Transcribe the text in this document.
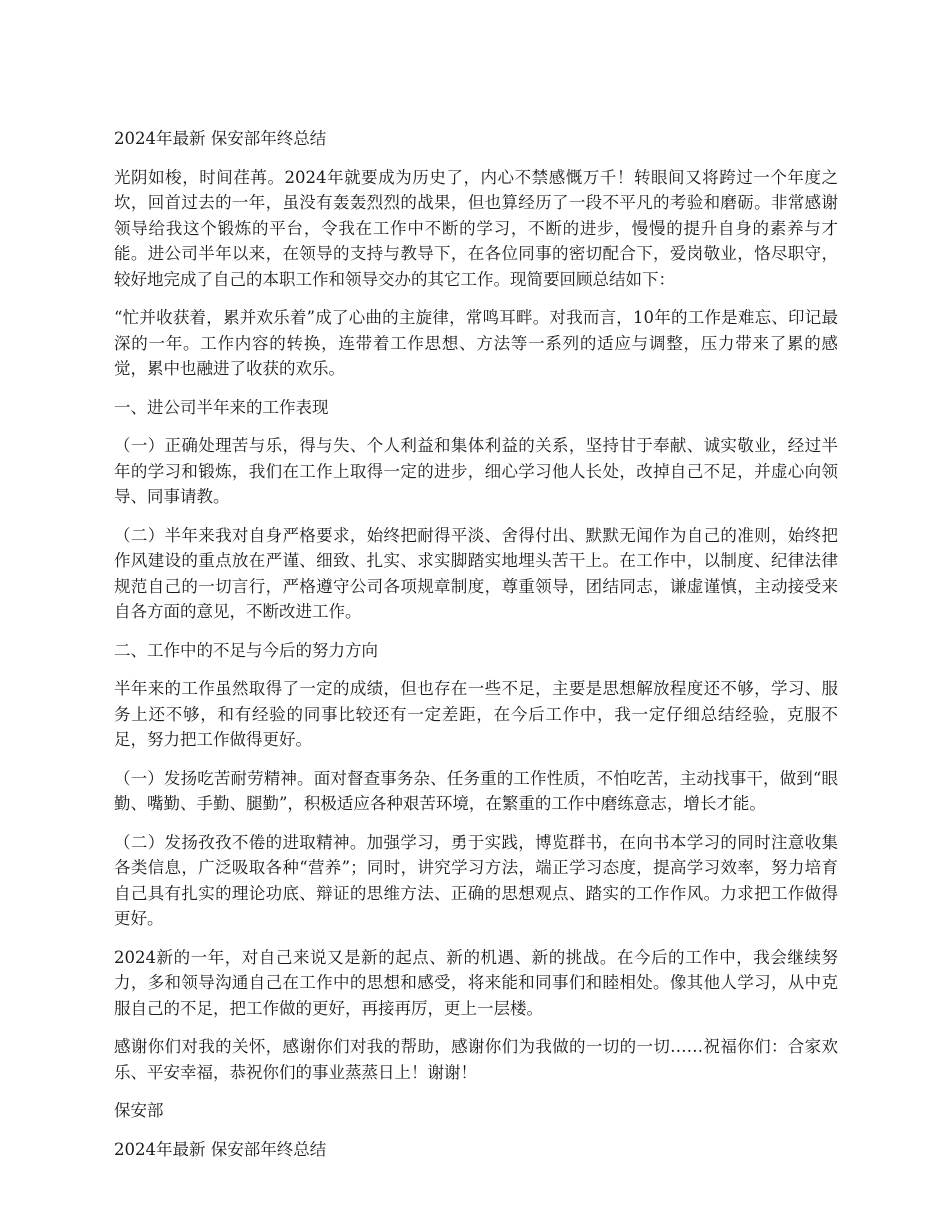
2024年最新 保安部年终总结
光阴如梭，时间荏苒。2024年就要成为历史了，内心不禁感慨万千！转眼间又将跨过一个年度之坎，回首过去的一年，虽没有轰轰烈烈的战果，但也算经历了一段不平凡的考验和磨砺。非常感谢领导给我这个锻炼的平台，令我在工作中不断的学习，不断的进步，慢慢的提升自身的素养与才能。进公司半年以来，在领导的支持与教导下，在各位同事的密切配合下，爱岗敬业，恪尽职守，较好地完成了自己的本职工作和领导交办的其它工作。现简要回顾总结如下：
“忙并收获着，累并欢乐着”成了心曲的主旋律，常鸣耳畔。对我而言，10年的工作是难忘、印记最深的一年。工作内容的转换，连带着工作思想、方法等一系列的适应与调整，压力带来了累的感觉，累中也融进了收获的欢乐。
一、进公司半年来的工作表现
（一）正确处理苦与乐，得与失、个人利益和集体利益的关系，坚持甘于奉献、诚实敬业，经过半年的学习和锻炼，我们在工作上取得一定的进步，细心学习他人长处，改掉自己不足，并虚心向领导、同事请教。
（二）半年来我对自身严格要求，始终把耐得平淡、舍得付出、默默无闻作为自己的准则，始终把作风建设的重点放在严谨、细致、扎实、求实脚踏实地埋头苦干上。在工作中，以制度、纪律法律规范自己的一切言行，严格遵守公司各项规章制度，尊重领导，团结同志，谦虚谨慎，主动接受来自各方面的意见，不断改进工作。
二、工作中的不足与今后的努力方向
半年来的工作虽然取得了一定的成绩，但也存在一些不足，主要是思想解放程度还不够，学习、服务上还不够，和有经验的同事比较还有一定差距，在今后工作中，我一定仔细总结经验，克服不足，努力把工作做得更好。
（一）发扬吃苦耐劳精神。面对督查事务杂、任务重的工作性质，不怕吃苦，主动找事干，做到“眼勤、嘴勤、手勤、腿勤”，积极适应各种艰苦环境，在繁重的工作中磨练意志，增长才能。
（二）发扬孜孜不倦的进取精神。加强学习，勇于实践，博览群书，在向书本学习的同时注意收集各类信息，广泛吸取各种“营养”；同时，讲究学习方法，端正学习态度，提高学习效率，努力培育自己具有扎实的理论功底、辩证的思维方法、正确的思想观点、踏实的工作作风。力求把工作做得更好。
2024新的一年，对自己来说又是新的起点、新的机遇、新的挑战。在今后的工作中，我会继续努力，多和领导沟通自己在工作中的思想和感受，将来能和同事们和睦相处。像其他人学习，从中克服自己的不足，把工作做的更好，再接再厉，更上一层楼。
感谢你们对我的关怀，感谢你们对我的帮助，感谢你们为我做的一切的一切……祝福你们：合家欢乐、平安幸福，恭祝你们的事业蒸蒸日上！谢谢！
保安部
2024年最新 保安部年终总结
